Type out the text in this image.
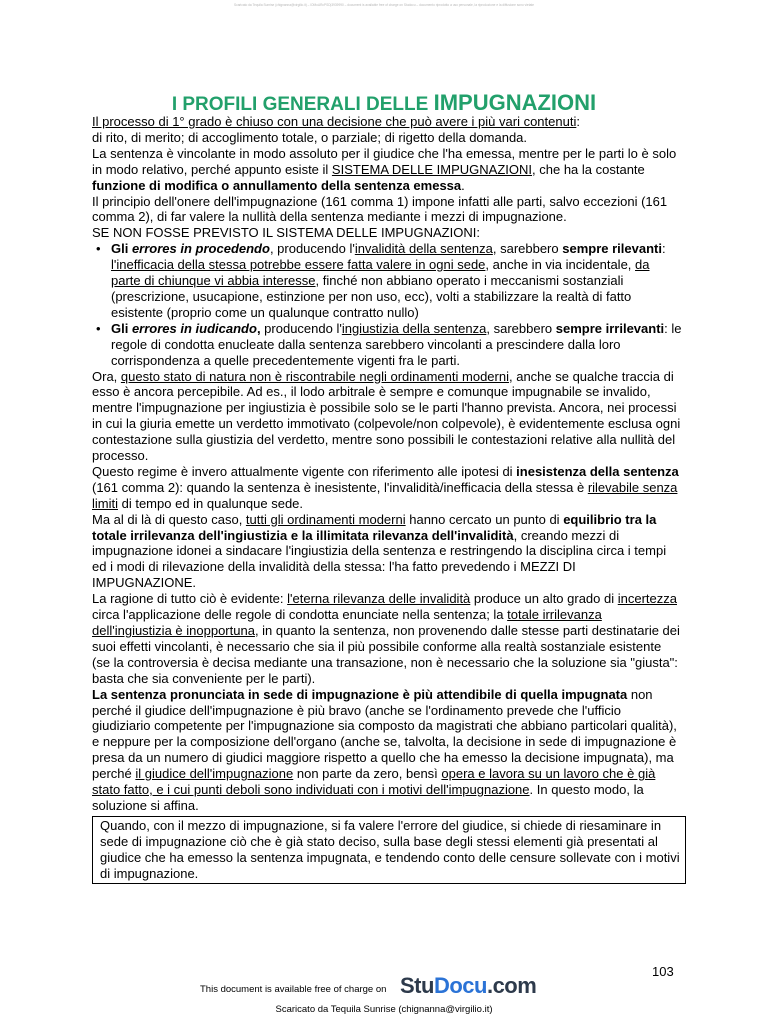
Scaricato da Tequila Sunrise (chignanna@virgilio.it) – lOMoARcPSD|3939990 – document is available free of charge on Studocu – documento riprodotto a uso personale, la riproduzione e la diffusione sono vietate
I PROFILI GENERALI DELLE IMPUGNAZIONI

Il processo di 1° grado è chiuso con una decisione che può avere i più vari contenuti:
di rito, di merito; di accoglimento totale, o parziale; di rigetto della domanda.

La sentenza è vincolante in modo assoluto per il giudice che l'ha emessa, mentre per le parti lo è solo in modo relativo, perché appunto esiste il SISTEMA DELLE IMPUGNAZIONI, che ha la costante funzione di modifica o annullamento della sentenza emessa.

Il principio dell'onere dell'impugnazione (161 comma 1) impone infatti alle parti, salvo eccezioni (161 comma 2), di far valere la nullità della sentenza mediante i mezzi di impugnazione.

SE NON FOSSE PREVISTO IL SISTEMA DELLE IMPUGNAZIONI:

• Gli errores in procedendo, producendo l'invalidità della sentenza, sarebbero sempre rilevanti: l'inefficacia della stessa potrebbe essere fatta valere in ogni sede, anche in via incidentale, da parte di chiunque vi abbia interesse, finché non abbiano operato i meccanismi sostanziali (prescrizione, usucapione, estinzione per non uso, ecc), volti a stabilizzare la realtà di fatto esistente (proprio come un qualunque contratto nullo)
• Gli errores in iudicando, producendo l'ingiustizia della sentenza, sarebbero sempre irrilevanti: le regole di condotta enucleate dalla sentenza sarebbero vincolanti a prescindere dalla loro corrispondenza a quelle precedentemente vigenti fra le parti.

Ora, questo stato di natura non è riscontrabile negli ordinamenti moderni, anche se qualche traccia di esso è ancora percepibile. Ad es., il lodo arbitrale è sempre e comunque impugnabile se invalido, mentre l'impugnazione per ingiustizia è possibile solo se le parti l'hanno prevista. Ancora, nei processi in cui la giuria emette un verdetto immotivato (colpevole/non colpevole), è evidentemente esclusa ogni contestazione sulla giustizia del verdetto, mentre sono possibili le contestazioni relative alla nullità del processo.

Questo regime è invero attualmente vigente con riferimento alle ipotesi di inesistenza della sentenza (161 comma 2): quando la sentenza è inesistente, l'invalidità/inefficacia della stessa è rilevabile senza limiti di tempo ed in qualunque sede.

Ma al di là di questo caso, tutti gli ordinamenti moderni hanno cercato un punto di equilibrio tra la totale irrilevanza dell'ingiustizia e la illimitata rilevanza dell'invalidità, creando mezzi di impugnazione idonei a sindacare l'ingiustizia della sentenza e restringendo la disciplina circa i tempi ed i modi di rilevazione della invalidità della stessa: l'ha fatto prevedendo i MEZZI DI IMPUGNAZIONE.

La ragione di tutto ciò è evidente: l'eterna rilevanza delle invalidità produce un alto grado di incertezza circa l'applicazione delle regole di condotta enunciate nella sentenza; la totale irrilevanza dell'ingiustizia è inopportuna, in quanto la sentenza, non provenendo dalle stesse parti destinatarie dei suoi effetti vincolanti, è necessario che sia il più possibile conforme alla realtà sostanziale esistente (se la controversia è decisa mediante una transazione, non è necessario che la soluzione sia "giusta": basta che sia conveniente per le parti).

La sentenza pronunciata in sede di impugnazione è più attendibile di quella impugnata non perché il giudice dell'impugnazione è più bravo (anche se l'ordinamento prevede che l'ufficio giudiziario competente per l'impugnazione sia composto da magistrati che abbiano particolari qualità), e neppure per la composizione dell'organo (anche se, talvolta, la decisione in sede di impugnazione è presa da un numero di giudici maggiore rispetto a quello che ha emesso la decisione impugnata), ma perché il giudice dell'impugnazione non parte da zero, bensì opera e lavora su un lavoro che è già stato fatto, e i cui punti deboli sono individuati con i motivi dell'impugnazione. In questo modo, la soluzione si affina.

Quando, con il mezzo di impugnazione, si fa valere l'errore del giudice, si chiede di riesaminare in sede di impugnazione ciò che è già stato deciso, sulla base degli stessi elementi già presentati al giudice che ha emesso la sentenza impugnata, e tendendo conto delle censure sollevate con i motivi di impugnazione.
103
This document is available free of charge on StuDocu.com
Scaricato da Tequila Sunrise (chignanna@virgilio.it)
